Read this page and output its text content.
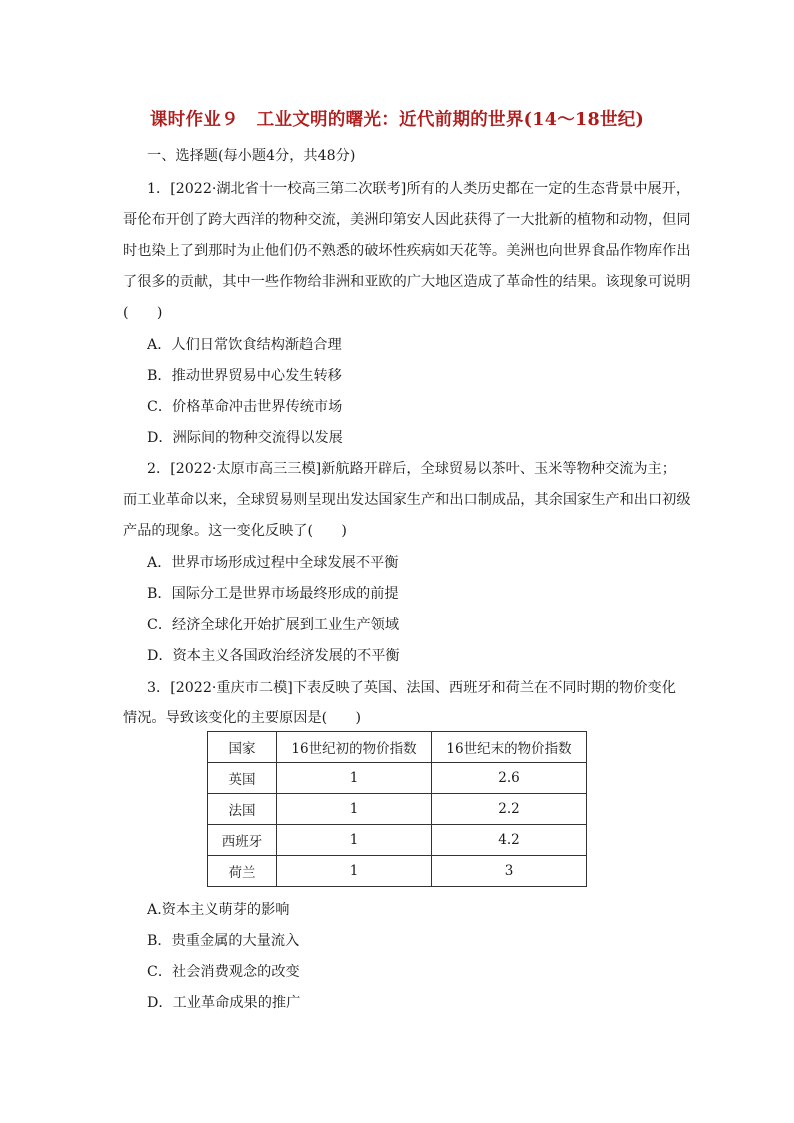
课时作业９　工业文明的曙光：近代前期的世界(14～18世纪)
一、选择题(每小题4分，共48分)
1．[2022·湖北省十一校高三第二次联考]所有的人类历史都在一定的生态背景中展开，
哥伦布开创了跨大西洋的物种交流，美洲印第安人因此获得了一大批新的植物和动物，但同
时也染上了到那时为止他们仍不熟悉的破坏性疾病如天花等。美洲也向世界食品作物库作出
了很多的贡献，其中一些作物给非洲和亚欧的广大地区造成了革命性的结果。该现象可说明
(　　)
A．人们日常饮食结构渐趋合理
B．推动世界贸易中心发生转移
C．价格革命冲击世界传统市场
D．洲际间的物种交流得以发展
2．[2022·太原市高三三模]新航路开辟后，全球贸易以茶叶、玉米等物种交流为主；
而工业革命以来，全球贸易则呈现出发达国家生产和出口制成品，其余国家生产和出口初级
产品的现象。这一变化反映了(　　)
A．世界市场形成过程中全球发展不平衡
B．国际分工是世界市场最终形成的前提
C．经济全球化开始扩展到工业生产领域
D．资本主义各国政治经济发展的不平衡
3．[2022·重庆市二模]下表反映了英国、法国、西班牙和荷兰在不同时期的物价变化
情况。导致该变化的主要原因是(　　)
国家	16世纪初的物价指数	16世纪末的物价指数
英国	1	2.6
法国	1	2.2
西班牙	1	4.2
荷兰	1	3
A.资本主义萌芽的影响
B．贵重金属的大量流入
C．社会消费观念的改变
D．工业革命成果的推广
